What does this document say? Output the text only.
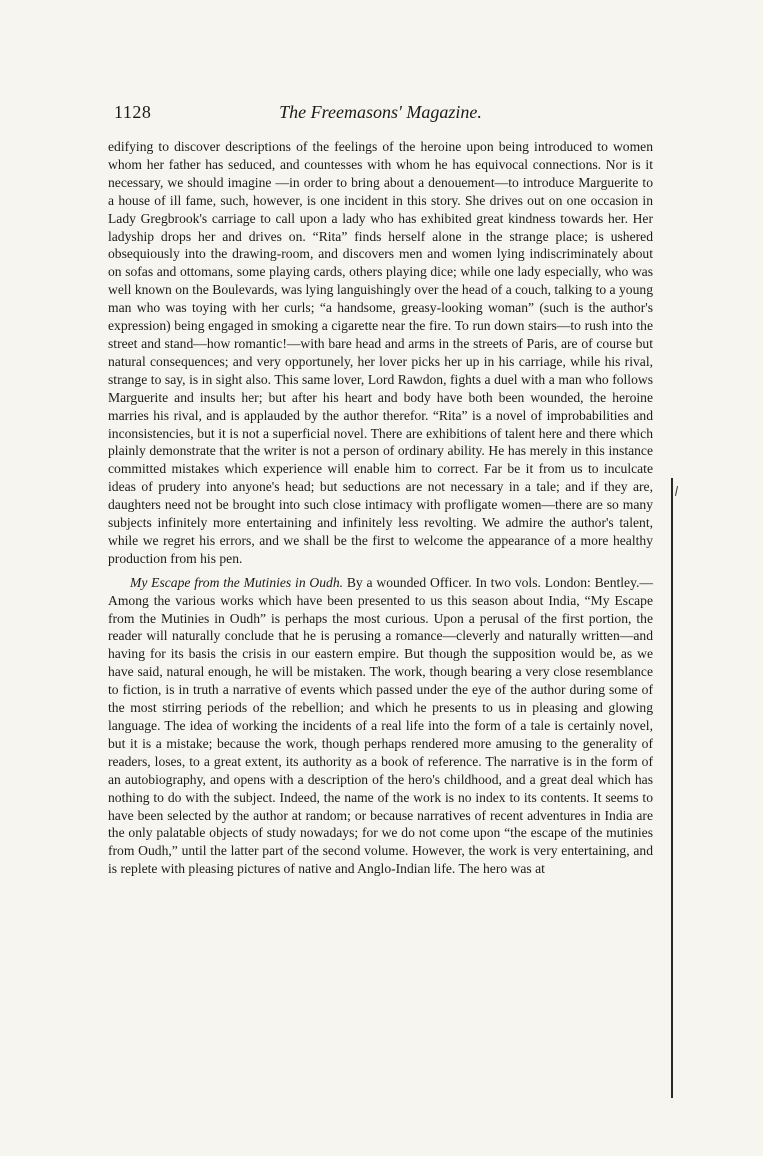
1128	The Freemasons' Magazine.

edifying to discover descriptions of the feelings of the heroine upon being introduced to women whom her father has seduced, and countesses with whom he has equivocal connections. Nor is it necessary, we should imagine —in order to bring about a denouement—to introduce Marguerite to a house of ill fame, such, however, is one incident in this story. She drives out on one occasion in Lady Gregbrook's carriage to call upon a lady who has exhibited great kindness towards her. Her ladyship drops her and drives on. “Rita” finds herself alone in the strange place; is ushered obsequiously into the drawing-room, and discovers men and women lying indiscriminately about on sofas and ottomans, some playing cards, others playing dice; while one lady especially, who was well known on the Boulevards, was lying languishingly over the head of a couch, talking to a young man who was toying with her curls; “a handsome, greasy-looking woman” (such is the author's expression) being engaged in smoking a cigarette near the fire. To run down stairs—to rush into the street and stand—how romantic!—with bare head and arms in the streets of Paris, are of course but natural consequences; and very opportunely, her lover picks her up in his carriage, while his rival, strange to say, is in sight also. This same lover, Lord Rawdon, fights a duel with a man who follows Marguerite and insults her; but after his heart and body have both been wounded, the heroine marries his rival, and is applauded by the author therefor. “Rita” is a novel of improbabilities and inconsistencies, but it is not a superficial novel. There are exhibitions of talent here and there which plainly demonstrate that the writer is not a person of ordinary ability. He has merely in this instance committed mistakes which experience will enable him to correct. Far be it from us to inculcate ideas of prudery into anyone's head; but seductions are not necessary in a tale; and if they are, daughters need not be brought into such close intimacy with profligate women—there are so many subjects infinitely more entertaining and infinitely less revolting. We admire the author's talent, while we regret his errors, and we shall be the first to welcome the appearance of a more healthy production from his pen.

My Escape from the Mutinies in Oudh. By a wounded Officer. In two vols. London: Bentley.—Among the various works which have been presented to us this season about India, “My Escape from the Mutinies in Oudh” is perhaps the most curious. Upon a perusal of the first portion, the reader will naturally conclude that he is perusing a romance—cleverly and naturally written—and having for its basis the crisis in our eastern empire. But though the supposition would be, as we have said, natural enough, he will be mistaken. The work, though bearing a very close resemblance to fiction, is in truth a narrative of events which passed under the eye of the author during some of the most stirring periods of the rebellion; and which he presents to us in pleasing and glowing language. The idea of working the incidents of a real life into the form of a tale is certainly novel, but it is a mistake; because the work, though perhaps rendered more amusing to the generality of readers, loses, to a great extent, its authority as a book of reference. The narrative is in the form of an autobiography, and opens with a description of the hero's childhood, and a great deal which has nothing to do with the subject. Indeed, the name of the work is no index to its contents. It seems to have been selected by the author at random; or because narratives of recent adventures in India are the only palatable objects of study nowadays; for we do not come upon “the escape of the mutinies from Oudh,” until the latter part of the second volume. However, the work is very entertaining, and is replete with pleasing pictures of native and Anglo-Indian life. The hero was at
